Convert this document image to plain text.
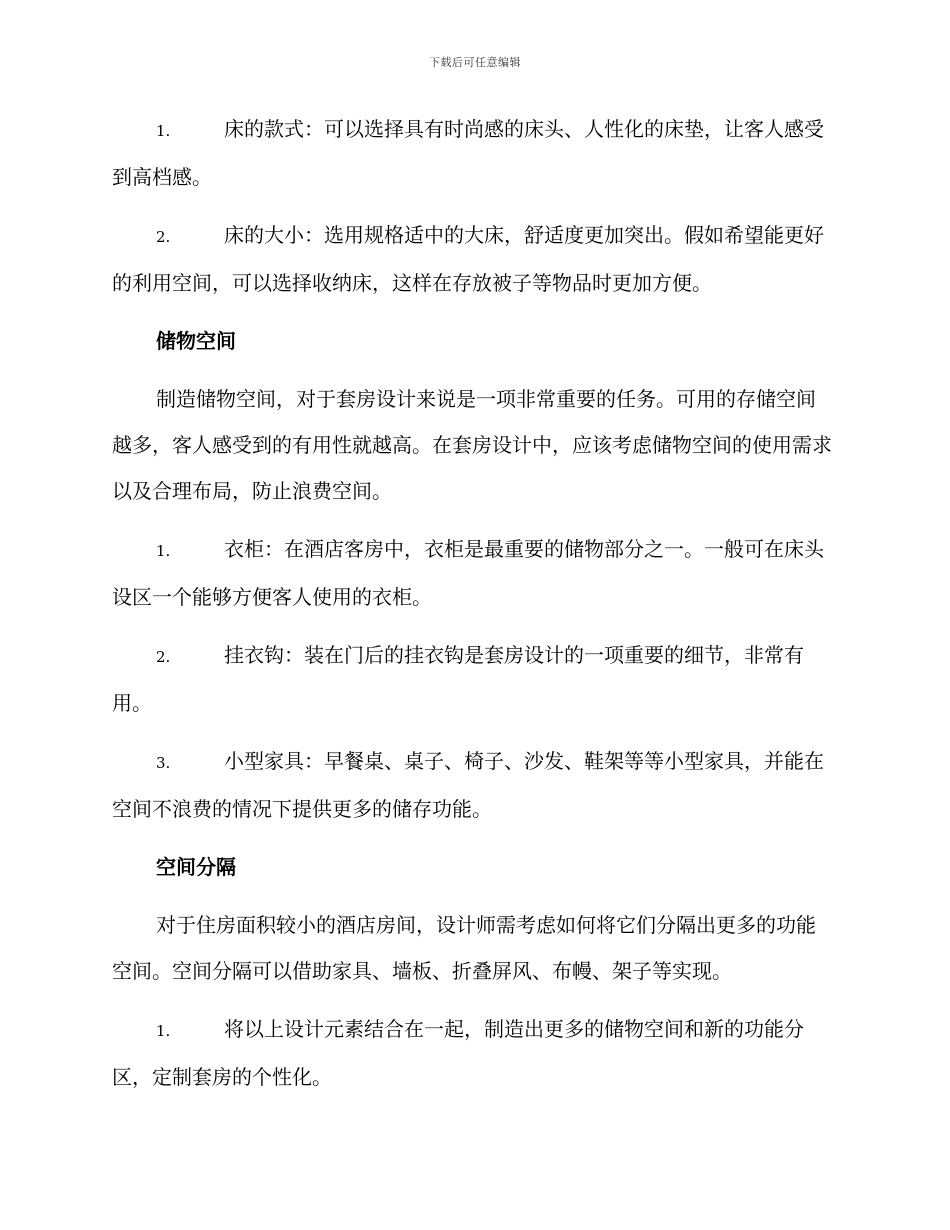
下载后可任意编辑

1.	床的款式：可以选择具有时尚感的床头、人性化的床垫，让客人感受到高档感。

2.	床的大小：选用规格适中的大床，舒适度更加突出。假如希望能更好的利用空间，可以选择收纳床，这样在存放被子等物品时更加方便。

储物空间

制造储物空间，对于套房设计来说是一项非常重要的任务。可用的存储空间越多，客人感受到的有用性就越高。在套房设计中，应该考虑储物空间的使用需求以及合理布局，防止浪费空间。

1.	衣柜：在酒店客房中，衣柜是最重要的储物部分之一。一般可在床头设区一个能够方便客人使用的衣柜。

2.	挂衣钩：装在门后的挂衣钩是套房设计的一项重要的细节，非常有用。

3.	小型家具：早餐桌、桌子、椅子、沙发、鞋架等等小型家具，并能在空间不浪费的情况下提供更多的储存功能。

空间分隔

对于住房面积较小的酒店房间，设计师需考虑如何将它们分隔出更多的功能空间。空间分隔可以借助家具、墙板、折叠屏风、布幔、架子等实现。

1.	将以上设计元素结合在一起，制造出更多的储物空间和新的功能分区，定制套房的个性化。
